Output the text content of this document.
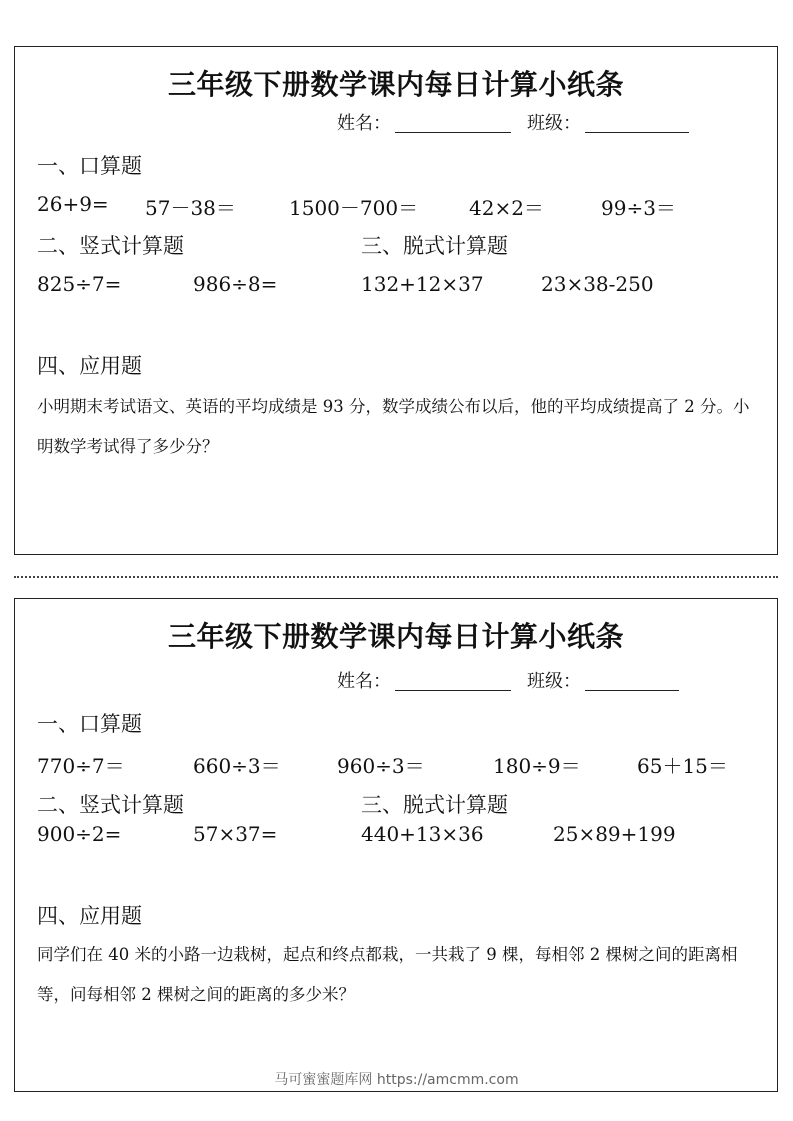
三年级下册数学课内每日计算小纸条
姓名：	班级：
一、口算题
26+9= 57－38＝	1500－700＝	42×2＝	99÷3＝
二、竖式计算题	三、脱式计算题
825÷7=	986÷8=	132+12×37	23×38-250
四、应用题
小明期末考试语文、英语的平均成绩是 93 分，数学成绩公布以后，他的平均成绩提高了 2 分。小明数学考试得了多少分？
三年级下册数学课内每日计算小纸条
姓名：	班级：
一、口算题
770÷7＝	660÷3＝	960÷3＝	180÷9＝	65＋15＝
二、竖式计算题	三、脱式计算题
900÷2=	57×37=	440+13×36	25×89+199
四、应用题
同学们在 40 米的小路一边栽树，起点和终点都栽，一共栽了 9 棵，每相邻 2 棵树之间的距离相等，问每相邻 2 棵树之间的距离的多少米？
马可蜜蜜题库网 https://amcmm.com
